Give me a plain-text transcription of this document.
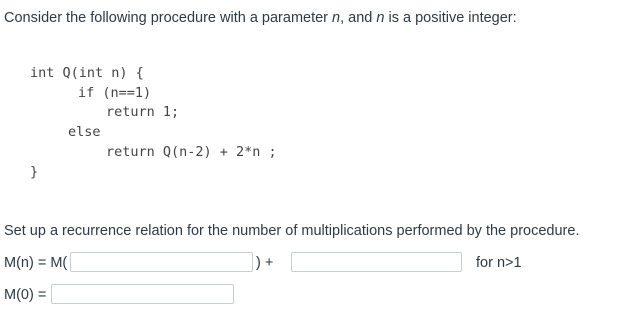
Consider the following procedure with a parameter n, and n is a positive integer:
int Q(int n) {
if (n==1)
return 1;
else
return Q(n-2) + 2*n ;
}
Set up a recurrence relation for the number of multiplications performed by the procedure.
M(n) = M(	) +	for n>1
M(0) =
